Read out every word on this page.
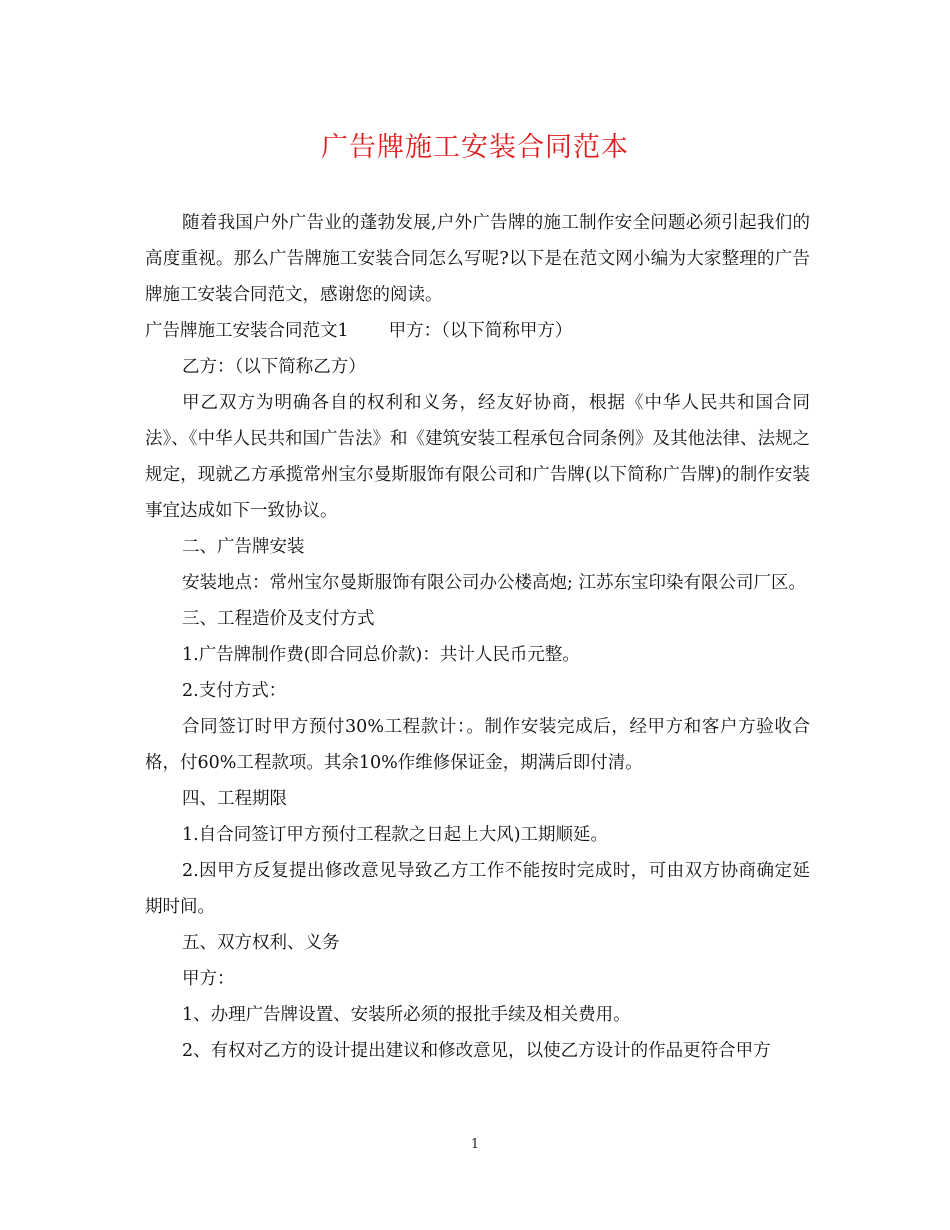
广告牌施工安装合同范本

随着我国户外广告业的蓬勃发展,户外广告牌的施工制作安全问题必须引起我们的高度重视。那么广告牌施工安装合同怎么写呢?以下是在范文网小编为大家整理的广告牌施工安装合同范文，感谢您的阅读。

广告牌施工安装合同范文1 甲方：（以下简称甲方）

乙方：（以下简称乙方）

甲乙双方为明确各自的权利和义务，经友好协商，根据《中华人民共和国合同法》、《中华人民共和国广告法》和《建筑安装工程承包合同条例》及其他法律、法规之规定，现就乙方承揽常州宝尔曼斯服饰有限公司和广告牌(以下简称广告牌)的制作安装事宜达成如下一致协议。

二、广告牌安装

安装地点：常州宝尔曼斯服饰有限公司办公楼高炮; 江苏东宝印染有限公司厂区。

三、工程造价及支付方式

1.广告牌制作费(即合同总价款)：共计人民币元整。

2.支付方式：

合同签订时甲方预付30%工程款计：。制作安装完成后，经甲方和客户方验收合格，付60%工程款项。其余10%作维修保证金，期满后即付清。

四、工程期限

1.自合同签订甲方预付工程款之日起上大风)工期顺延。

2.因甲方反复提出修改意见导致乙方工作不能按时完成时，可由双方协商确定延期时间。

五、双方权利、义务

甲方：

1、办理广告牌设置、安装所必须的报批手续及相关费用。

2、有权对乙方的设计提出建议和修改意见，以使乙方设计的作品更符合甲方

1
